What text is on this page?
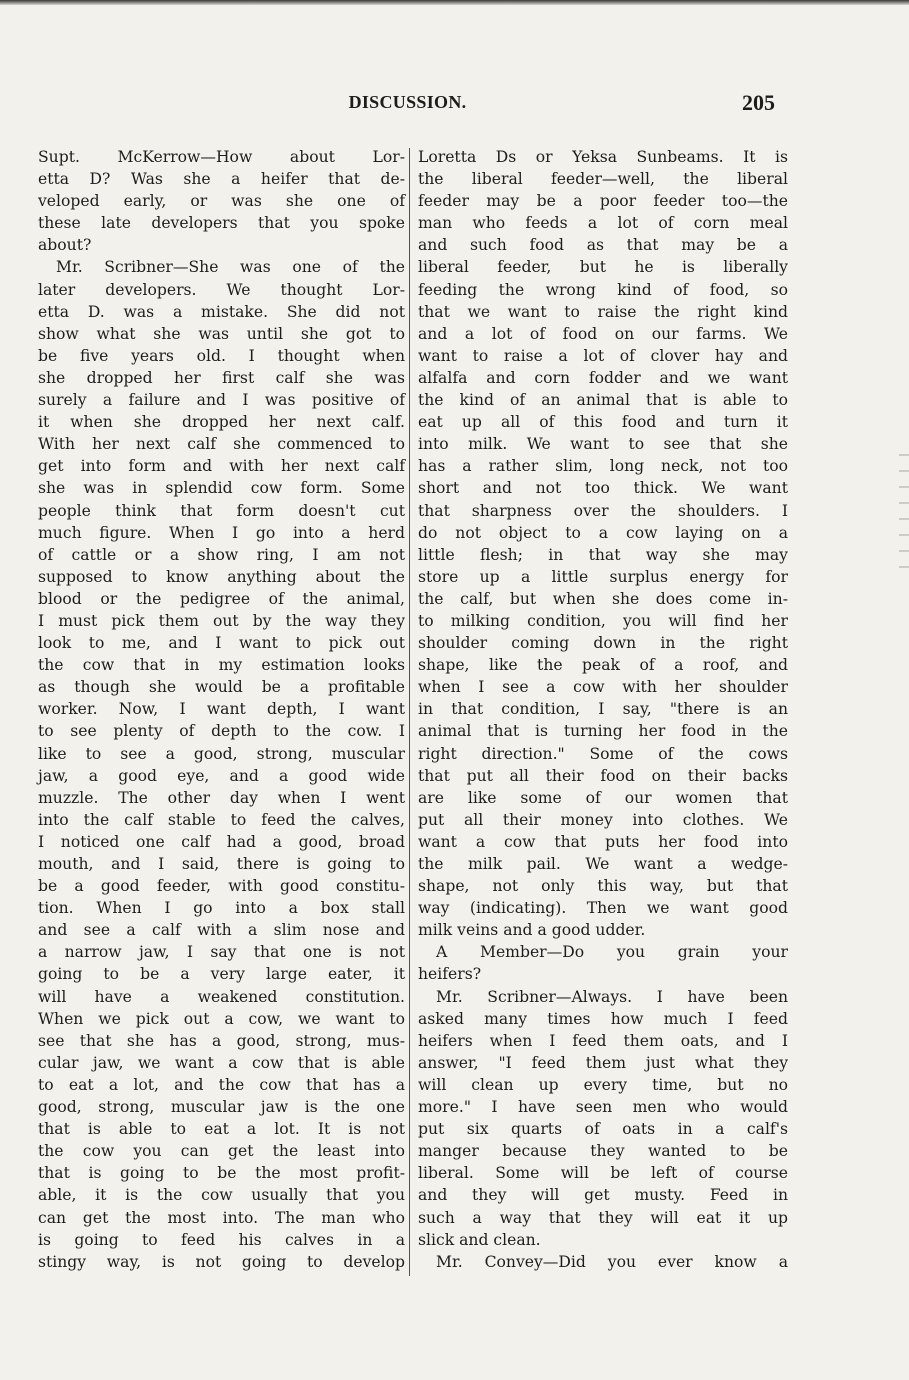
DISCUSSION.	205
Supt. McKerrow—How about Lor-
etta D? Was she a heifer that de-
veloped early, or was she one of
these late developers that you spoke
about?
Mr. Scribner—She was one of the
later developers. We thought Lor-
etta D. was a mistake. She did not
show what she was until she got to
be five years old. I thought when
she dropped her first calf she was
surely a failure and I was positive of
it when she dropped her next calf.
With her next calf she commenced to
get into form and with her next calf
she was in splendid cow form. Some
people think that form doesn't cut
much figure. When I go into a herd
of cattle or a show ring, I am not
supposed to know anything about the
blood or the pedigree of the animal,
I must pick them out by the way they
look to me, and I want to pick out
the cow that in my estimation looks
as though she would be a profitable
worker. Now, I want depth, I want
to see plenty of depth to the cow. I
like to see a good, strong, muscular
jaw, a good eye, and a good wide
muzzle. The other day when I went
into the calf stable to feed the calves,
I noticed one calf had a good, broad
mouth, and I said, there is going to
be a good feeder, with good constitu-
tion. When I go into a box stall
and see a calf with a slim nose and
a narrow jaw, I say that one is not
going to be a very large eater, it
will have a weakened constitution.
When we pick out a cow, we want to
see that she has a good, strong, mus-
cular jaw, we want a cow that is able
to eat a lot, and the cow that has a
good, strong, muscular jaw is the one
that is able to eat a lot. It is not
the cow you can get the least into
that is going to be the most profit-
able, it is the cow usually that you
can get the most into. The man who
is going to feed his calves in a
stingy way, is not going to develop
Loretta Ds or Yeksa Sunbeams. It is
the liberal feeder—well, the liberal
feeder may be a poor feeder too—the
man who feeds a lot of corn meal
and such food as that may be a
liberal feeder, but he is liberally
feeding the wrong kind of food, so
that we want to raise the right kind
and a lot of food on our farms. We
want to raise a lot of clover hay and
alfalfa and corn fodder and we want
the kind of an animal that is able to
eat up all of this food and turn it
into milk. We want to see that she
has a rather slim, long neck, not too
short and not too thick. We want
that sharpness over the shoulders. I
do not object to a cow laying on a
little flesh; in that way she may
store up a little surplus energy for
the calf, but when she does come in-
to milking condition, you will find her
shoulder coming down in the right
shape, like the peak of a roof, and
when I see a cow with her shoulder
in that condition, I say, "there is an
animal that is turning her food in the
right direction." Some of the cows
that put all their food on their backs
are like some of our women that
put all their money into clothes. We
want a cow that puts her food into
the milk pail. We want a wedge-
shape, not only this way, but that
way (indicating). Then we want good
milk veins and a good udder.
A Member—Do you grain your
heifers?
Mr. Scribner—Always. I have been
asked many times how much I feed
heifers when I feed them oats, and I
answer, "I feed them just what they
will clean up every time, but no
more." I have seen men who would
put six quarts of oats in a calf's
manger because they wanted to be
liberal. Some will be left of course
and they will get musty. Feed in
such a way that they will eat it up
slick and clean.
Mr. Convey—Did you ever know a
